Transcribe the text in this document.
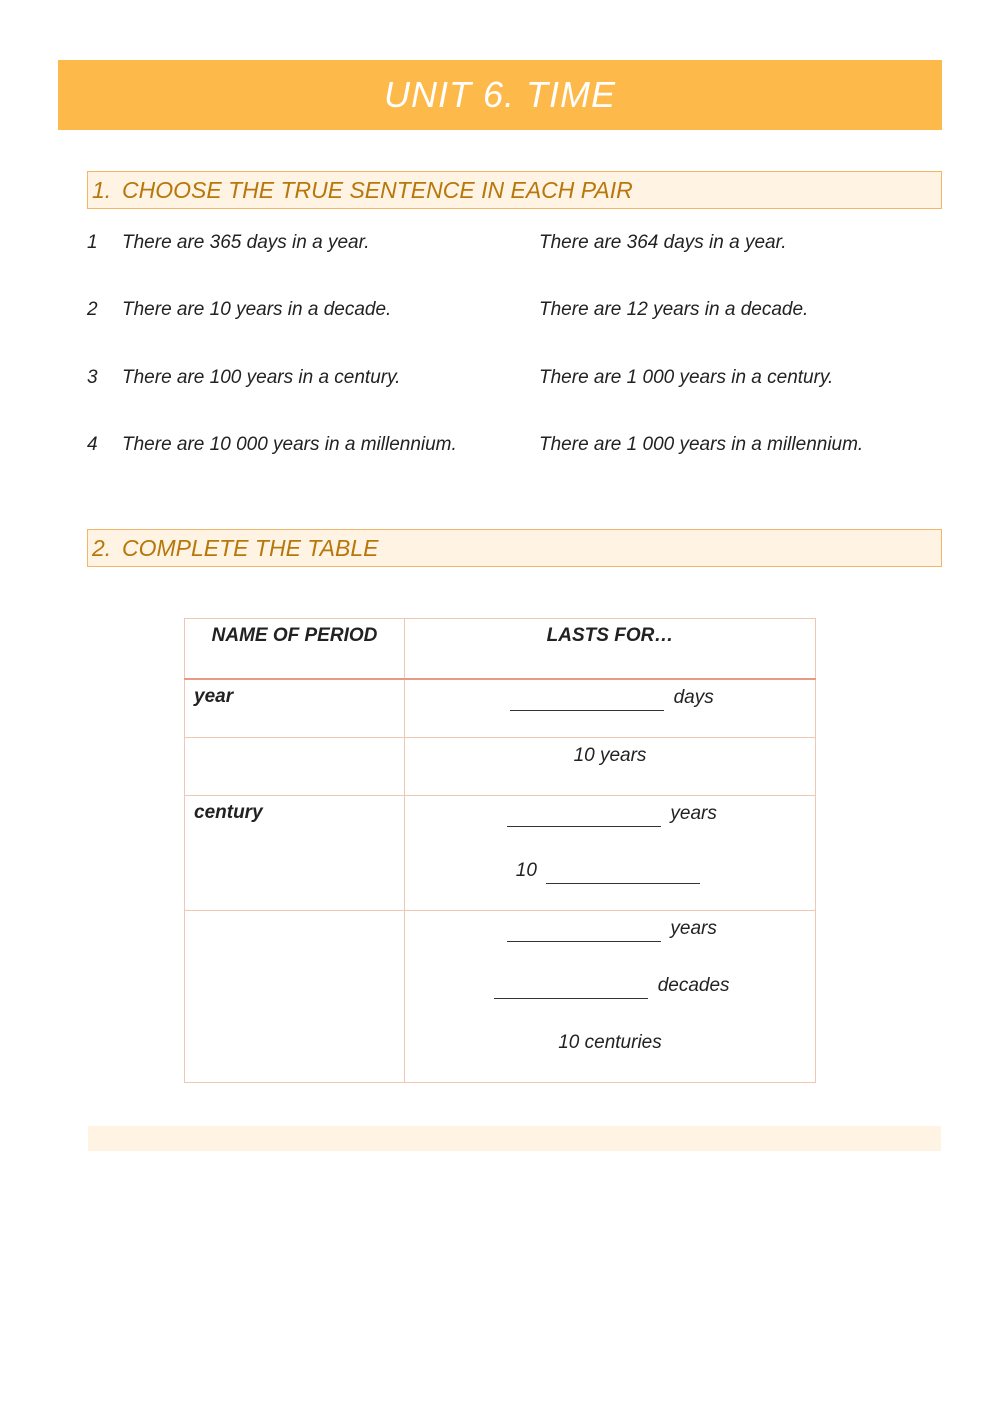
UNIT 6. TIME
1. CHOOSE THE TRUE SENTENCE IN EACH PAIR
1 There are 365 days in a year.	There are 364 days in a year.
2 There are 10 years in a decade.	There are 12 years in a decade.
3 There are 100 years in a century.	There are 1 000 years in a century.
4 There are 10 000 years in a millennium.	There are 1 000 years in a millennium.
2. COMPLETE THE TABLE
NAME OF PERIOD	LASTS FOR…

year	days

	10 years

century	years
10

	years
decades
10 centuries
